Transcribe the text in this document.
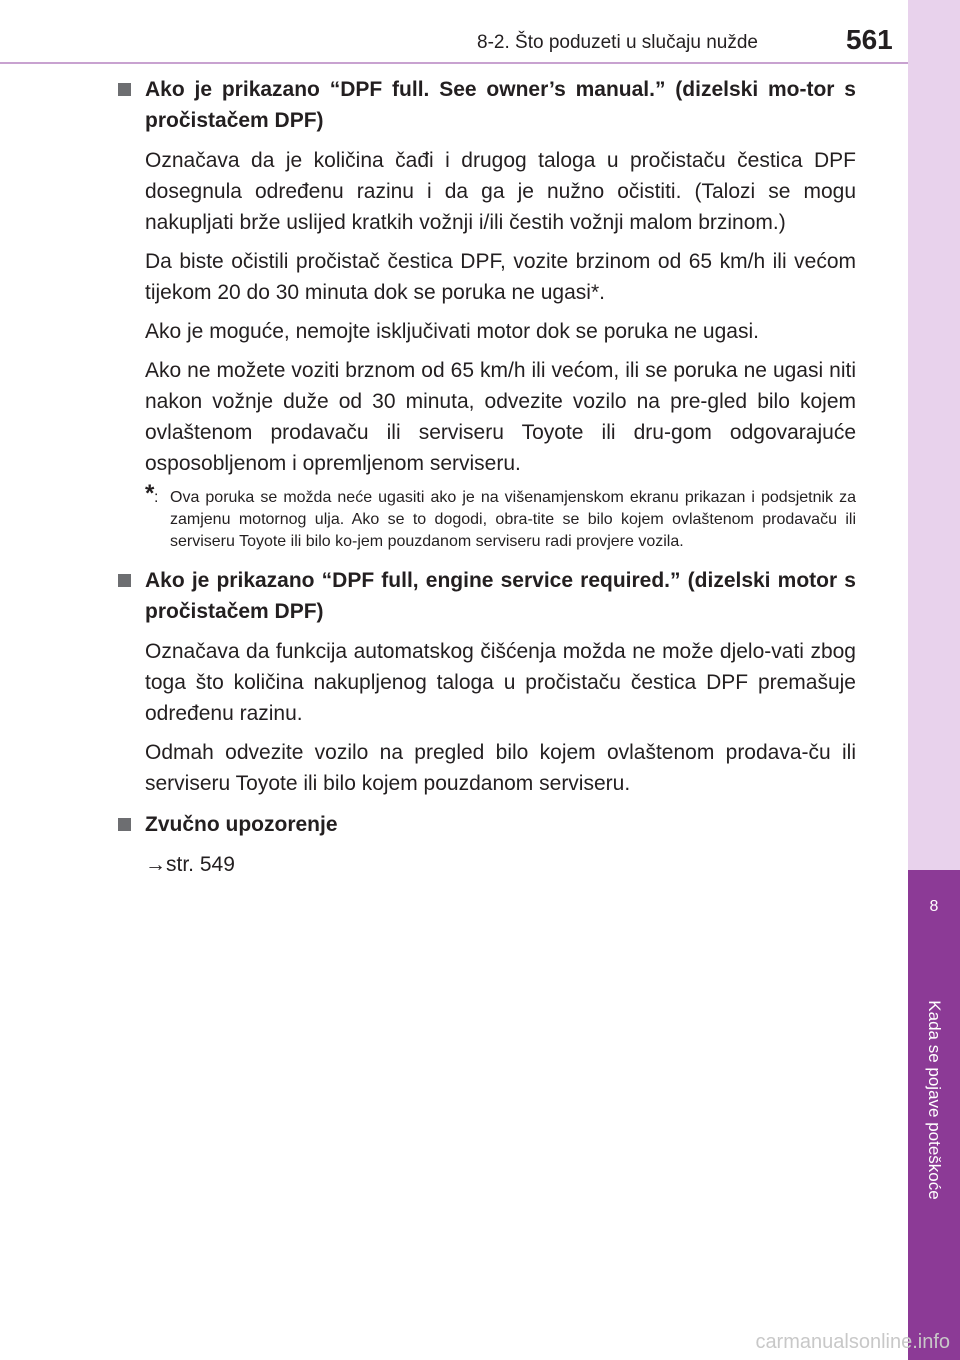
8-2. Što poduzeti u slučaju nužde	561
8
Kada se pojave poteškoće

Ako je prikazano “DPF full. See owner’s manual.” (dizelski mo-tor s pročistačem DPF)

Označava da je količina čađi i drugog taloga u pročistaču čestica DPF dosegnula određenu razinu i da ga je nužno očistiti. (Talozi se mogu nakupljati brže uslijed kratkih vožnji i/ili čestih vožnji malom brzinom.)

Da biste očistili pročistač čestica DPF, vozite brzinom od 65 km/h ili većom tijekom 20 do 30 minuta dok se poruka ne ugasi*.

Ako je moguće, nemojte isključivati motor dok se poruka ne ugasi.

Ako ne možete voziti brznom od 65 km/h ili većom, ili se poruka ne ugasi niti nakon vožnje duže od 30 minuta, odvezite vozilo na pre-gled bilo kojem ovlaštenom prodavaču ili serviseru Toyote ili dru-gom odgovarajuće osposobljenom i opremljenom serviseru.

* : Ova poruka se možda neće ugasiti ako je na višenamjenskom ekranu prikazan i podsjetnik za zamjenu motornog ulja. Ako se to dogodi, obra-tite se bilo kojem ovlaštenom prodavaču ili serviseru Toyote ili bilo ko-jem pouzdanom serviseru radi provjere vozila.

Ako je prikazano “DPF full, engine service required.” (dizelski motor s pročistačem DPF)

Označava da funkcija automatskog čišćenja možda ne može djelo-vati zbog toga što količina nakupljenog taloga u pročistaču čestica DPF premašuje određenu razinu.

Odmah odvezite vozilo na pregled bilo kojem ovlaštenom prodava-ču ili serviseru Toyote ili bilo kojem pouzdanom serviseru.

Zvučno upozorenje

→str. 549

carmanualsonline.info
